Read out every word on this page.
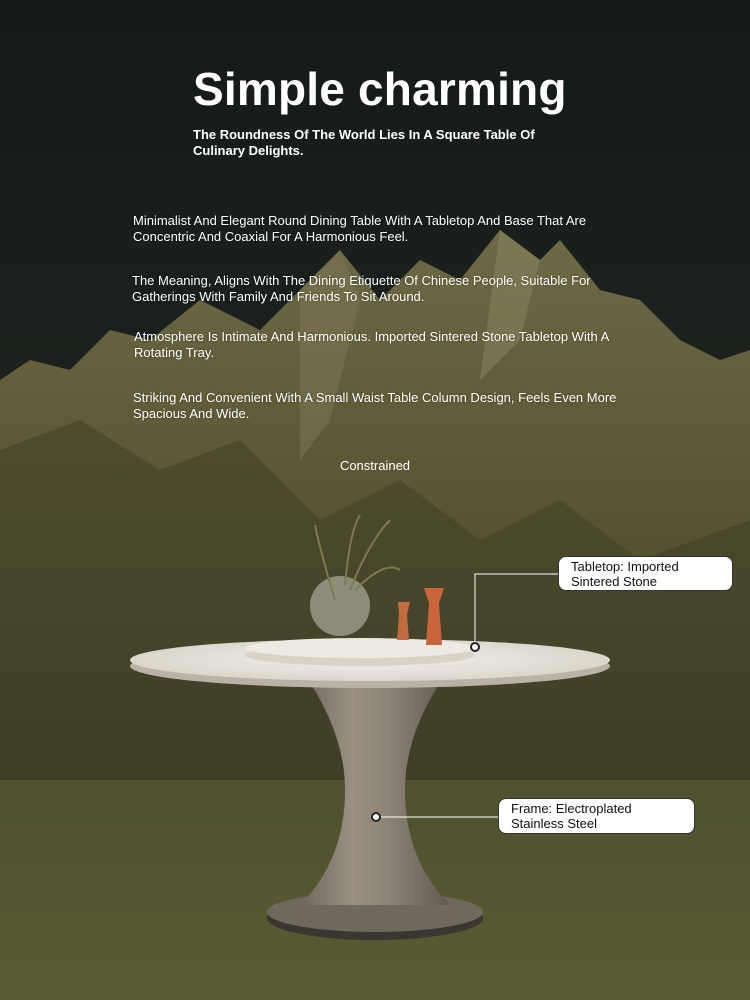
Simple charming

The Roundness Of The World Lies In A Square Table Of Culinary Delights.

Minimalist And Elegant Round Dining Table With A Tabletop And Base That Are Concentric And Coaxial For A Harmonious Feel.

The Meaning, Aligns With The Dining Etiquette Of Chinese People, Suitable For Gatherings With Family And Friends To Sit Around.

Atmosphere Is Intimate And Harmonious. Imported Sintered Stone Tabletop With A Rotating Tray.

Striking And Convenient With A Small Waist Table Column Design, Feels Even More Spacious And Wide.

Constrained

Tabletop: Imported
Sintered Stone
Frame: Electroplated
Stainless Steel
